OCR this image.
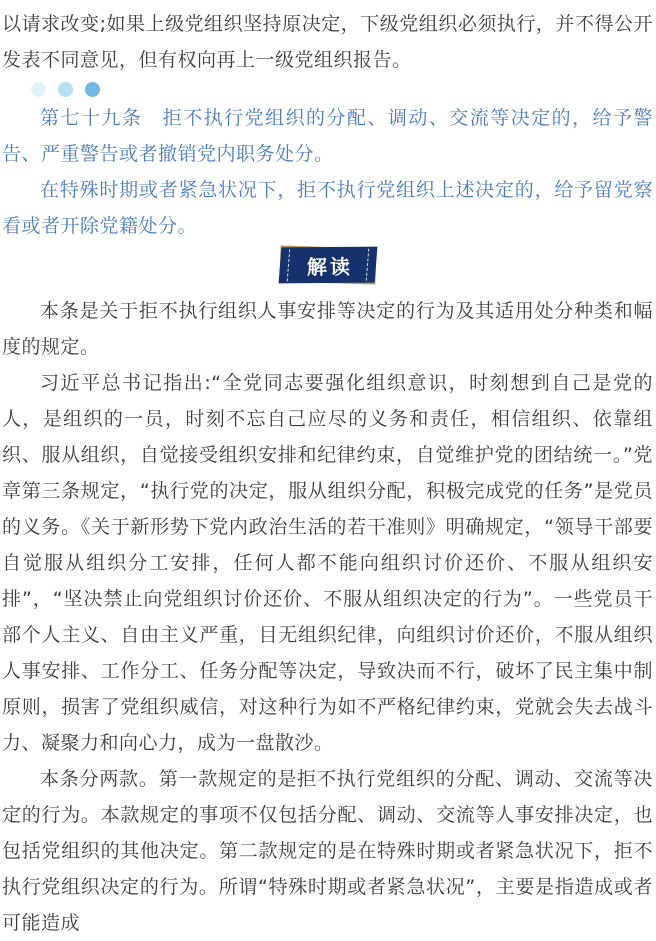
以请求改变;如果上级党组织坚持原决定，下级党组织必须执行，并不得公开发表不同意见，但有权向再上一级党组织报告。

第七十九条　拒不执行党组织的分配、调动、交流等决定的，给予警告、严重警告或者撤销党内职务处分。

在特殊时期或者紧急状况下，拒不执行党组织上述决定的，给予留党察看或者开除党籍处分。

解读

本条是关于拒不执行组织人事安排等决定的行为及其适用处分种类和幅度的规定。

习近平总书记指出:“全党同志要强化组织意识，时刻想到自己是党的人，是组织的一员，时刻不忘自己应尽的义务和责任，相信组织、依靠组织、服从组织，自觉接受组织安排和纪律约束，自觉维护党的团结统一。”党章第三条规定，“执行党的决定，服从组织分配，积极完成党的任务”是党员的义务。《关于新形势下党内政治生活的若干准则》明确规定，“领导干部要自觉服从组织分工安排，任何人都不能向组织讨价还价、不服从组织安排”，“坚决禁止向党组织讨价还价、不服从组织决定的行为”。一些党员干部个人主义、自由主义严重，目无组织纪律，向组织讨价还价，不服从组织人事安排、工作分工、任务分配等决定，导致决而不行，破坏了民主集中制原则，损害了党组织威信，对这种行为如不严格纪律约束，党就会失去战斗力、凝聚力和向心力，成为一盘散沙。

本条分两款。第一款规定的是拒不执行党组织的分配、调动、交流等决定的行为。本款规定的事项不仅包括分配、调动、交流等人事安排决定，也包括党组织的其他决定。第二款规定的是在特殊时期或者紧急状况下，拒不执行党组织决定的行为。所谓“特殊时期或者紧急状况”，主要是指造成或者可能造成
